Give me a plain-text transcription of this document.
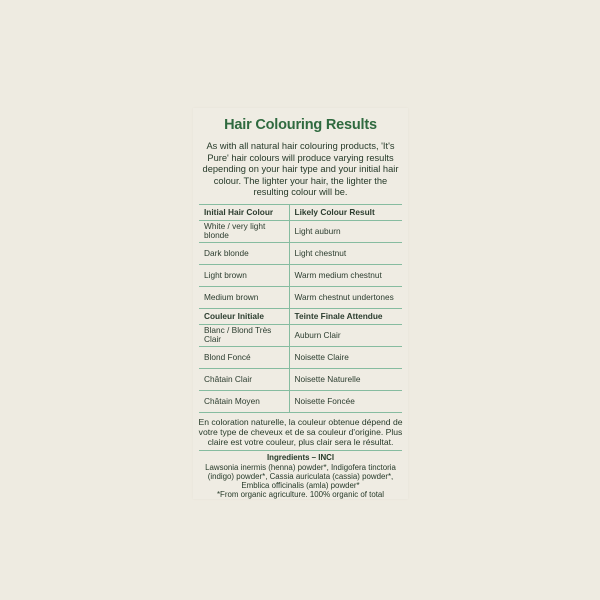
Hair Colouring Results
As with all natural hair colouring products, 'It's Pure' hair colours will produce varying results depending on your hair type and your initial hair colour. The lighter your hair, the lighter the resulting colour will be.
Initial Hair Colour	Likely Colour Result
White / very light blonde	Light auburn
Dark blonde	Light chestnut
Light brown	Warm medium chestnut
Medium brown	Warm chestnut undertones
Couleur Initiale	Teinte Finale Attendue
Blanc / Blond Très Clair	Auburn Clair
Blond Foncé	Noisette Claire
Châtain Clair	Noisette Naturelle
Châtain Moyen	Noisette Foncée
En coloration naturelle, la couleur obtenue dépend de votre type de cheveux et de sa couleur d'origine. Plus claire est votre couleur, plus clair sera le résultat.
Ingredients – INCI
Lawsonia inermis (henna) powder*, Indigofera tinctoria (indigo) powder*, Cassia auriculata (cassia) powder*, Emblica officinalis (amla) powder*
*From organic agriculture. 100% organic of total
